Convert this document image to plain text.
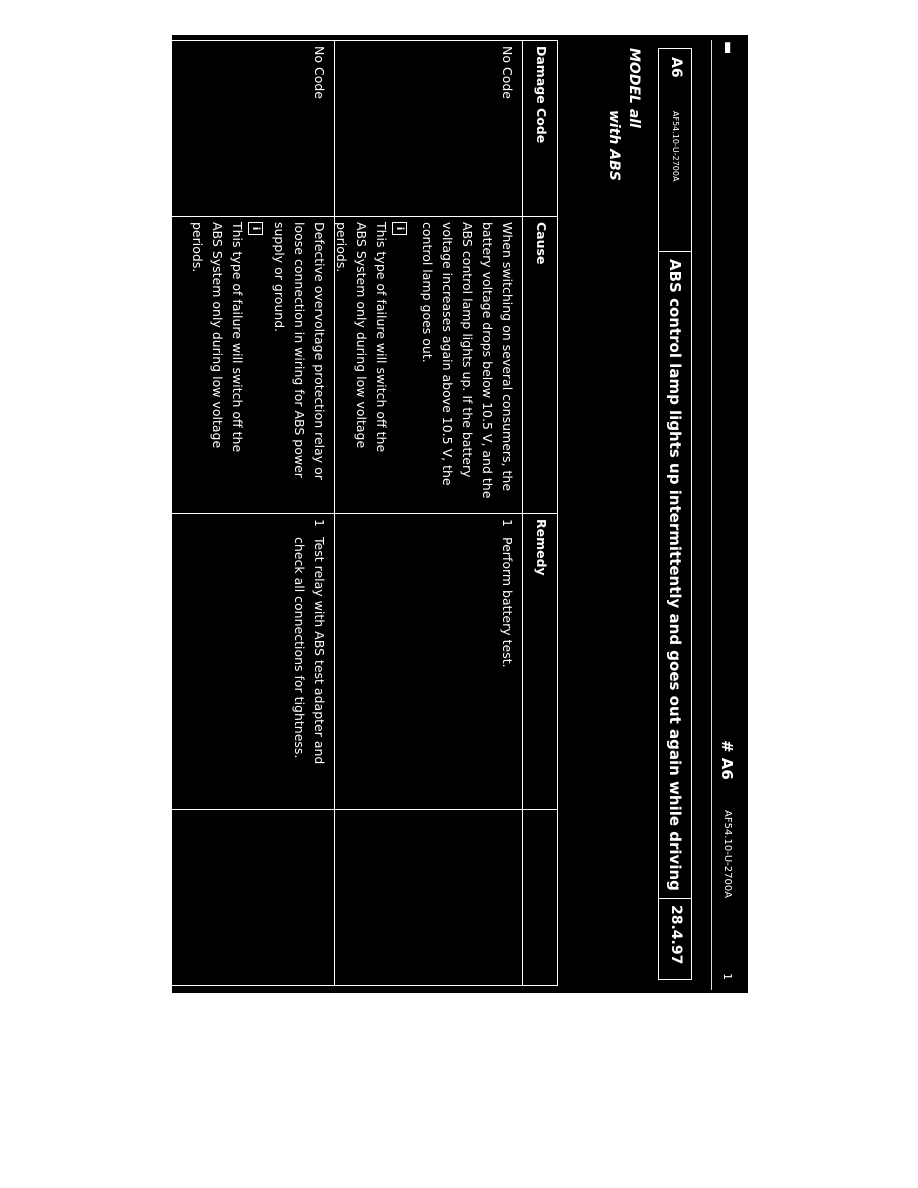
▬
# A6
AF54.10-U-2700A
1
A6
AF54.10-U-2700A
ABS control lamp lights up intermittently and goes out again while driving
28.4.97
MODEL all
with ABS
Damage Code
Cause
Remedy
No Code
When switching on several consumers, the battery voltage drops below 10.5 V, and the ABS control lamp lights up. If the battery voltage increases again above 10.5 V, the control lamp goes out.
i
This type of failure will switch off the ABS System only during low voltage periods.
1
Perform battery test.
No Code
Defective overvoltage protection relay or loose connection in wiring for ABS power supply or ground.
i
This type of failure will switch off the ABS System only during low voltage periods.
1
Test relay with ABS test adapter and check all connections for tightness.
